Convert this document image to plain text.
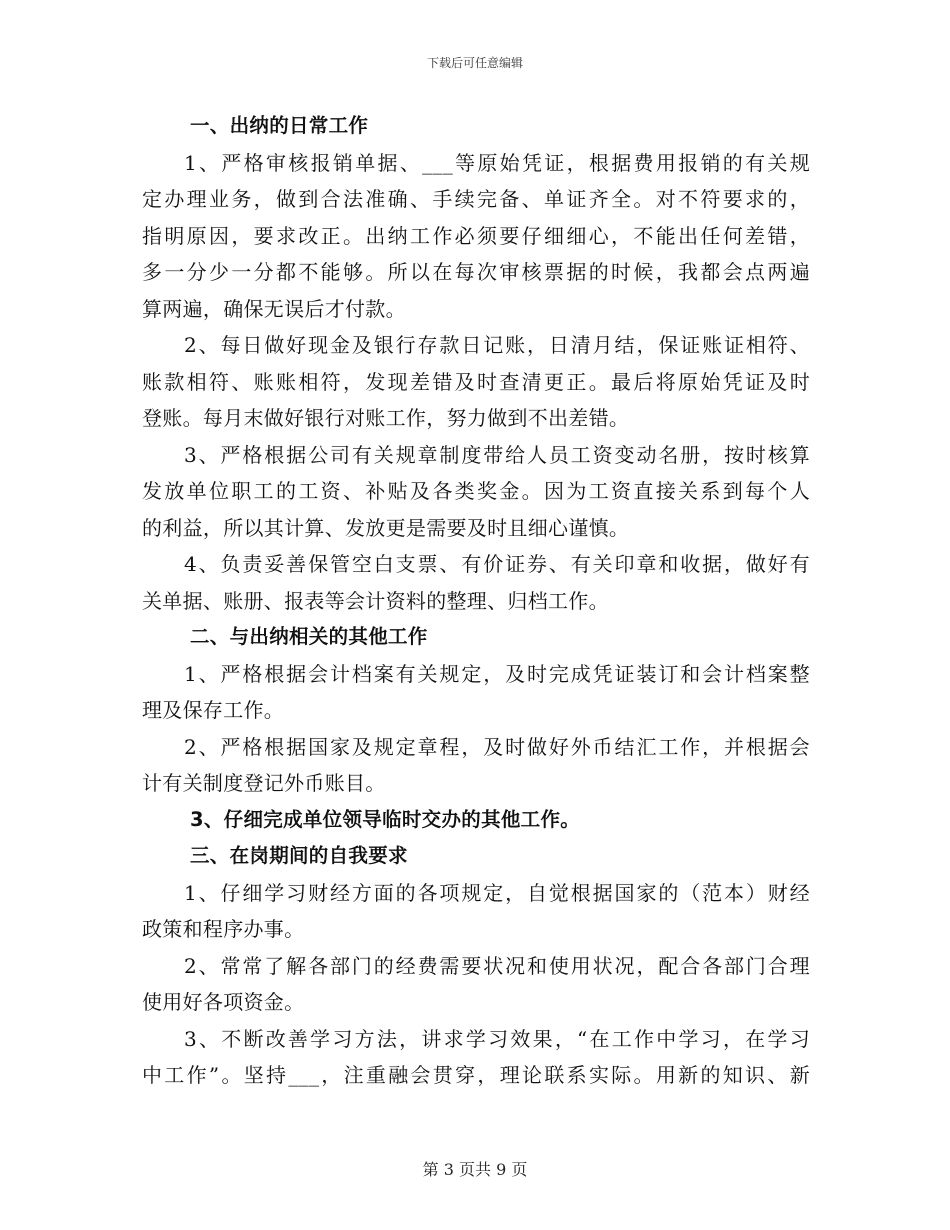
下载后可任意编辑
一、出纳的日常工作
1、严格审核报销单据、___等原始凭证，根据费用报销的有关规
定办理业务，做到合法准确、手续完备、单证齐全。对不符要求的，
指明原因，要求改正。出纳工作必须要仔细细心，不能出任何差错，
多一分少一分都不能够。所以在每次审核票据的时候，我都会点两遍
算两遍，确保无误后才付款。
2、每日做好现金及银行存款日记账，日清月结，保证账证相符、
账款相符、账账相符，发现差错及时查清更正。最后将原始凭证及时
登账。每月末做好银行对账工作，努力做到不出差错。
3、严格根据公司有关规章制度带给人员工资变动名册，按时核算
发放单位职工的工资、补贴及各类奖金。因为工资直接关系到每个人
的利益，所以其计算、发放更是需要及时且细心谨慎。
4、负责妥善保管空白支票、有价证券、有关印章和收据，做好有
关单据、账册、报表等会计资料的整理、归档工作。
二、与出纳相关的其他工作
1、严格根据会计档案有关规定，及时完成凭证装订和会计档案整
理及保存工作。
2、严格根据国家及规定章程，及时做好外币结汇工作，并根据会
计有关制度登记外币账目。
3、仔细完成单位领导临时交办的其他工作。
三、在岗期间的自我要求
1、仔细学习财经方面的各项规定，自觉根据国家的（范本）财经
政策和程序办事。
2、常常了解各部门的经费需要状况和使用状况，配合各部门合理
使用好各项资金。
3、不断改善学习方法，讲求学习效果，“在工作中学习，在学习
中工作”。坚持___，注重融会贯穿，理论联系实际。用新的知识、新
第 3 页共 9 页
